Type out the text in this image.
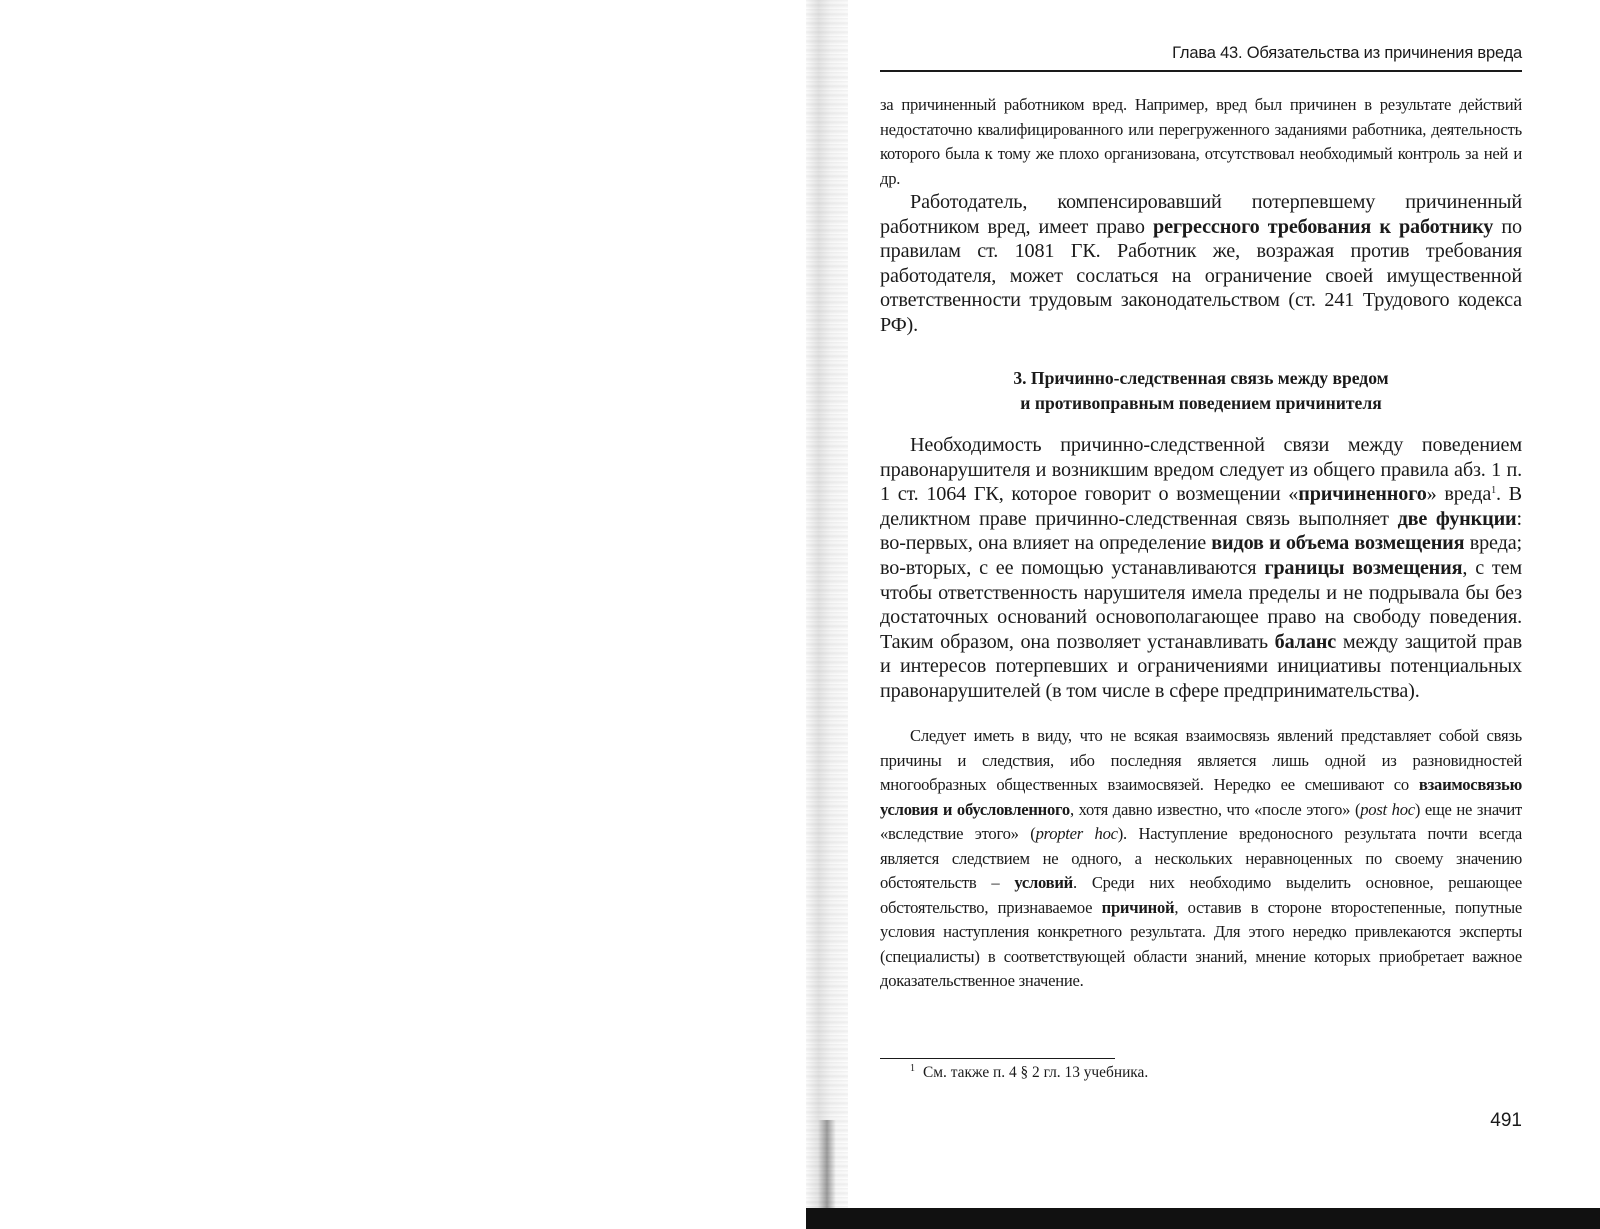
Глава 43. Обязательства из причинения вреда
за причиненный работником вред. Например, вред был причинен в результате действий недостаточно квалифицированного или перегруженного заданиями работника, деятельность которого была к тому же плохо организована, отсутствовал необходимый контроль за ней и др.
Работодатель, компенсировавший потерпевшему причиненный работником вред, имеет право регрессного требования к работнику по правилам ст. 1081 ГК. Работник же, возражая против требования работодателя, может сослаться на ограничение своей имущественной ответственности трудовым законодательством (ст. 241 Трудового кодекса РФ).
3. Причинно-следственная связь между вредом
и противоправным поведением причинителя
Необходимость причинно-следственной связи между поведением правонарушителя и возникшим вредом следует из общего правила абз. 1 п. 1 ст. 1064 ГК, которое говорит о возмещении «причиненного» вреда$^1$. В деликтном праве причинно-следственная связь выполняет две функции: во-первых, она влияет на определение видов и объема возмещения вреда; во-вторых, с ее помощью устанавливаются границы возмещения, с тем чтобы ответственность нарушителя имела пределы и не подрывала бы без достаточных оснований основополагающее право на свободу поведения. Таким образом, она позволяет устанавливать баланс между защитой прав и интересов потерпевших и ограничениями инициативы потенциальных правонарушителей (в том числе в сфере предпринимательства).
Следует иметь в виду, что не всякая взаимосвязь явлений представляет собой связь причины и следствия, ибо последняя является лишь одной из разновидностей многообразных общественных взаимосвязей. Нередко ее смешивают со взаимосвязью условия и обусловленного, хотя давно известно, что «после этого» (post hoc) еще не значит «вследствие этого» (propter hoc). Наступление вредоносного результата почти всегда является следствием не одного, а нескольких неравноценных по своему значению обстоятельств – условий. Среди них необходимо выделить основное, решающее обстоятельство, признаваемое причиной, оставив в стороне второстепенные, попутные условия наступления конкретного результата. Для этого нередко привлекаются эксперты (специалисты) в соответствующей области знаний, мнение которых приобретает важное доказательственное значение.
$^1$ См. также п. 4 § 2 гл. 13 учебника.
491
